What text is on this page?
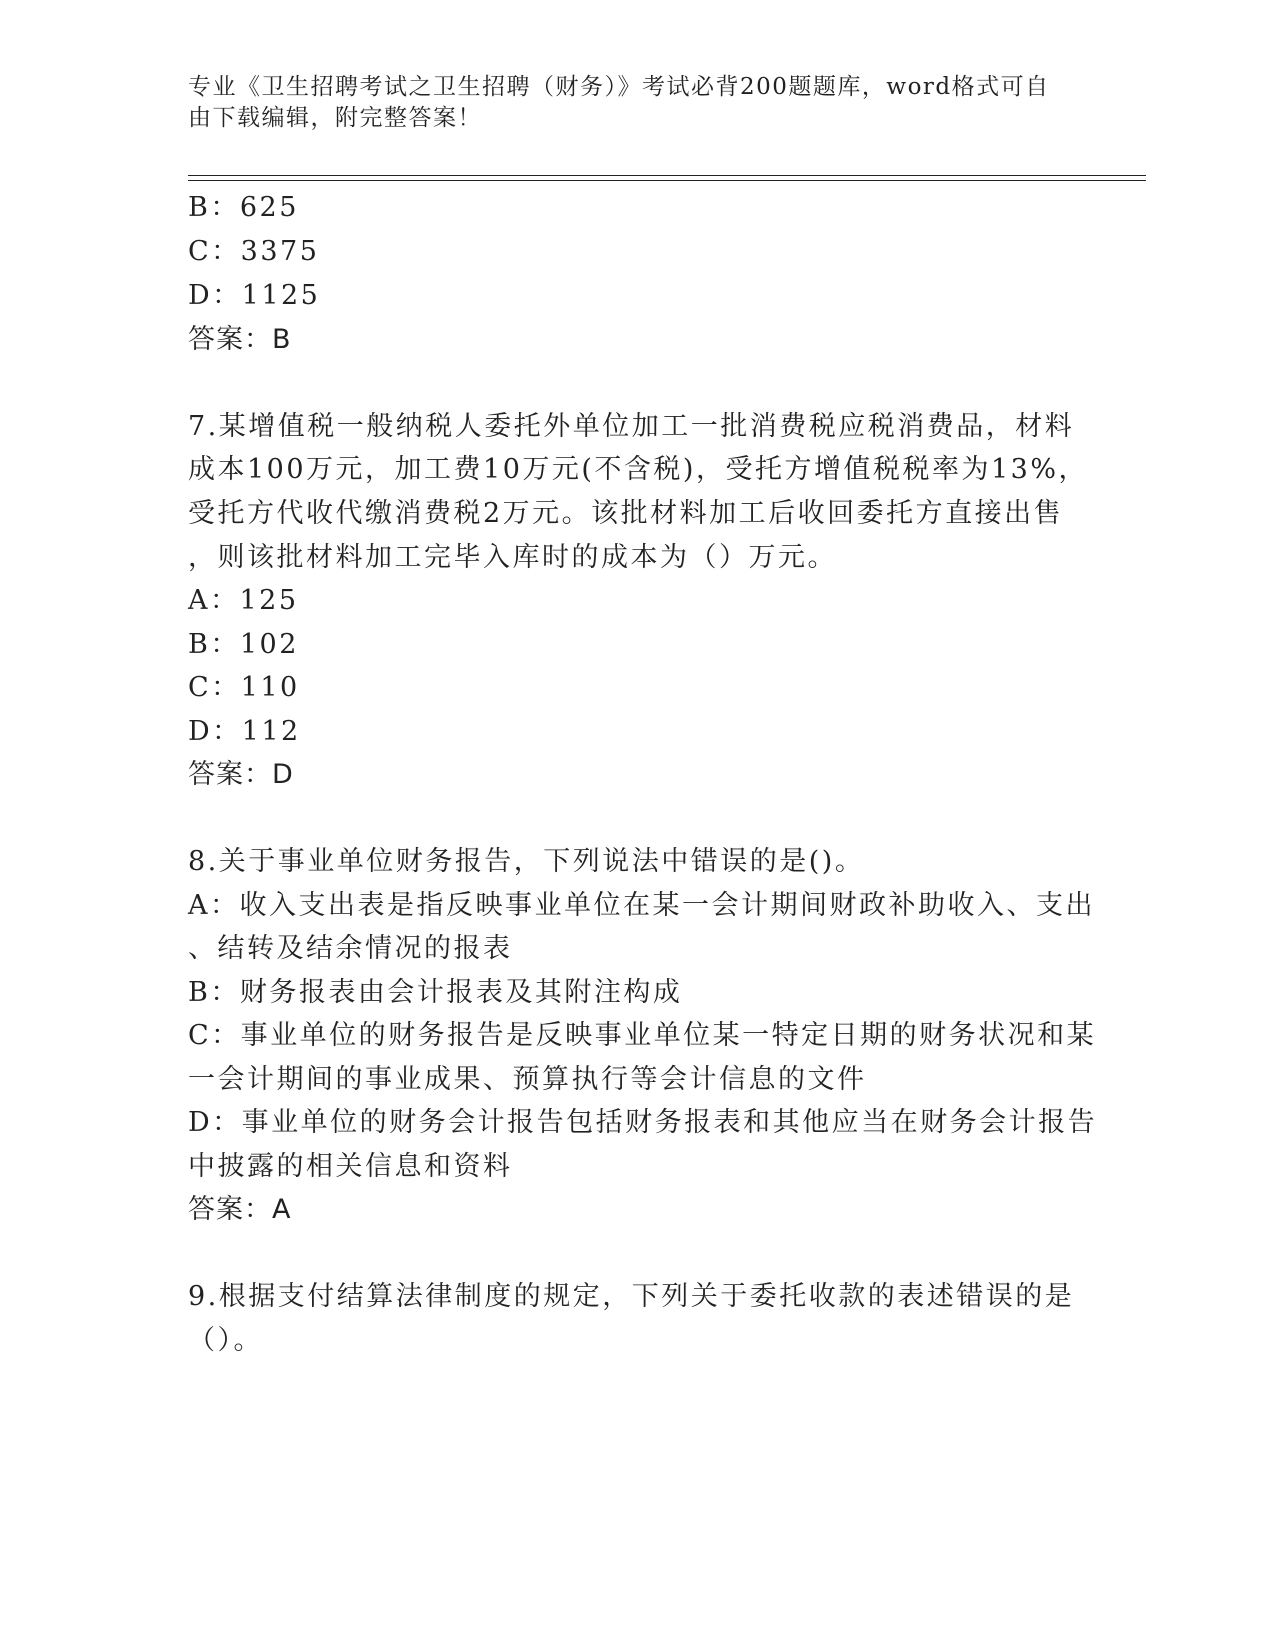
专业《卫生招聘考试之卫生招聘（财务）》考试必背200题题库，word格式可自
由下载编辑，附完整答案！
B：625
C：3375
D：1125
答案：B
7.某增值税一般纳税人委托外单位加工一批消费税应税消费品，材料
成本100万元，加工费10万元(不含税)，受托方增值税税率为13%，
受托方代收代缴消费税2万元。该批材料加工后收回委托方直接出售
，则该批材料加工完毕入库时的成本为（）万元。
A：125
B：102
C：110
D：112
答案：D
8.关于事业单位财务报告，下列说法中错误的是()。
A：收入支出表是指反映事业单位在某一会计期间财政补助收入、支出
、结转及结余情况的报表
B：财务报表由会计报表及其附注构成
C：事业单位的财务报告是反映事业单位某一特定日期的财务状况和某
一会计期间的事业成果、预算执行等会计信息的文件
D：事业单位的财务会计报告包括财务报表和其他应当在财务会计报告
中披露的相关信息和资料
答案：A
9.根据支付结算法律制度的规定，下列关于委托收款的表述错误的是
（）。
